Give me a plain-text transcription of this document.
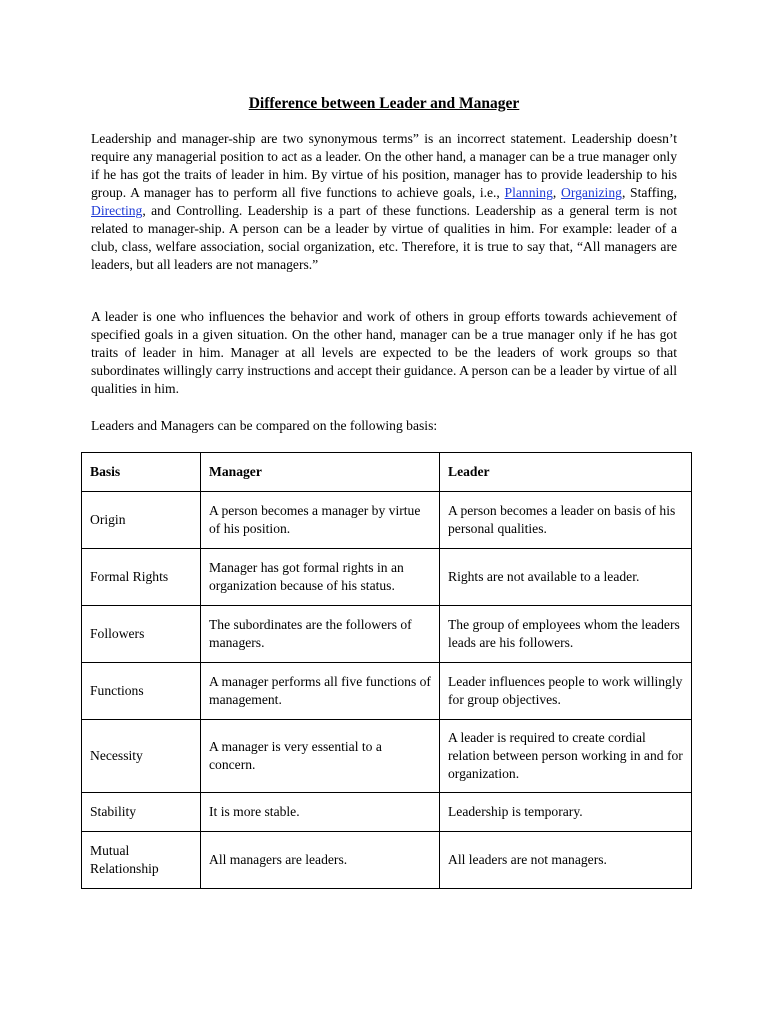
Difference between Leader and Manager

Leadership and manager-ship are two synonymous terms” is an incorrect statement. Leadership doesn’t require any managerial position to act as a leader. On the other hand, a manager can be a true manager only if he has got the traits of leader in him. By virtue of his position, manager has to provide leadership to his group. A manager has to perform all five functions to achieve goals, i.e., Planning, Organizing, Staffing, Directing, and Controlling. Leadership is a part of these functions. Leadership as a general term is not related to manager-ship. A person can be a leader by virtue of qualities in him. For example: leader of a club, class, welfare association, social organization, etc. Therefore, it is true to say that, “All managers are leaders, but all leaders are not managers.”

A leader is one who influences the behavior and work of others in group efforts towards achievement of specified goals in a given situation. On the other hand, manager can be a true manager only if he has got traits of leader in him. Manager at all levels are expected to be the leaders of work groups so that subordinates willingly carry instructions and accept their guidance. A person can be a leader by virtue of all qualities in him.

Leaders and Managers can be compared on the following basis:

Basis	Manager	Leader
Origin	A person becomes a manager by virtue of his position.	A person becomes a leader on basis of his personal qualities.
Formal Rights	Manager has got formal rights in an organization because of his status.	Rights are not available to a leader.
Followers	The subordinates are the followers of managers.	The group of employees whom the leaders leads are his followers.
Functions	A manager performs all five functions of management.	Leader influences people to work willingly for group objectives.
Necessity	A manager is very essential to a concern.	A leader is required to create cordial relation between person working in and for organization.
Stability	It is more stable.	Leadership is temporary.
Mutual Relationship	All managers are leaders.	All leaders are not managers.
